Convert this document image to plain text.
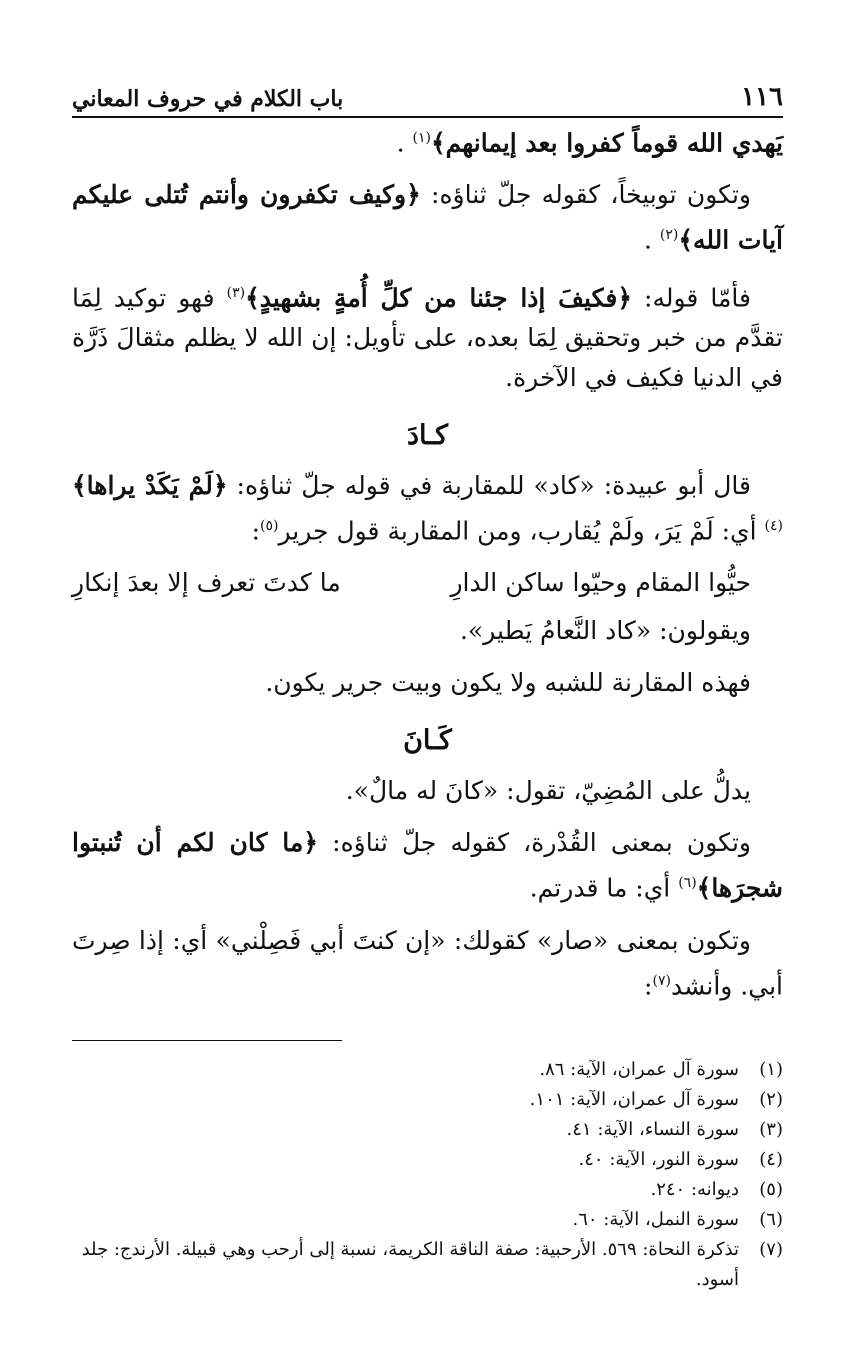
١١٦
باب الكلام في حروف المعاني

يَهدي الله قوماً كفروا بعد إيمانهم﴾$^{(١)}$ .

وتكون توبيخاً، كقوله جلّ ثناؤه: ﴿وكيف تكفرون وأنتم تُتلى عليكم آيات الله﴾$^{(٢)}$ .

فأمّا قوله: ﴿فكيفَ إذا جئنا من كلِّ أُمةٍ بشهيدٍ﴾$^{(٣)}$ فهو توكيد لِمَا تقدَّم من خبر وتحقيق لِمَا بعده، على تأويل: إن الله لا يظلم مثقالَ ذَرَّة في الدنيا فكيف في الآخرة.

كـادَ

قال أبو عبيدة: «كاد» للمقاربة في قوله جلّ ثناؤه: ﴿لَمْ يَكَدْ يراها﴾$^{(٤)}$ أي: لَمْ يَرَ، ولَمْ يُقارب، ومن المقاربة قول جرير$^{(٥)}$:

حيُّوا المقام وحيّوا ساكن الدارِ
ما كدتَ تعرف إلا بعدَ إنكارِ

ويقولون: «كاد النَّعامُ يَطير».

فهذه المقارنة للشبه ولا يكون وبيت جرير يكون.

كَـانَ

يدلُّ على المُضِيّ، تقول: «كانَ له مالٌ».

وتكون بمعنى القُدْرة، كقوله جلّ ثناؤه: ﴿ما كان لكم أن تُنبتوا شجرَها﴾$^{(٦)}$ أي: ما قدرتم.

وتكون بمعنى «صار» كقولك: «إن كنتَ أبي فَصِلْني» أي: إذا صِرتَ أبي. وأنشد$^{(٧)}$:

(١)
سورة آل عمران، الآية: ٨٦.
(٢)
سورة آل عمران، الآية: ١٠١.
(٣)
سورة النساء، الآية: ٤١.
(٤)
سورة النور، الآية: ٤٠.
(٥)
ديوانه: ٢٤٠.
(٦)
سورة النمل، الآية: ٦٠.
(٧)
تذكرة النحاة: ٥٦٩. الأرحبية: صفة الناقة الكريمة، نسبة إلى أرحب وهي قبيلة. الأرندج: جلد أسود.
